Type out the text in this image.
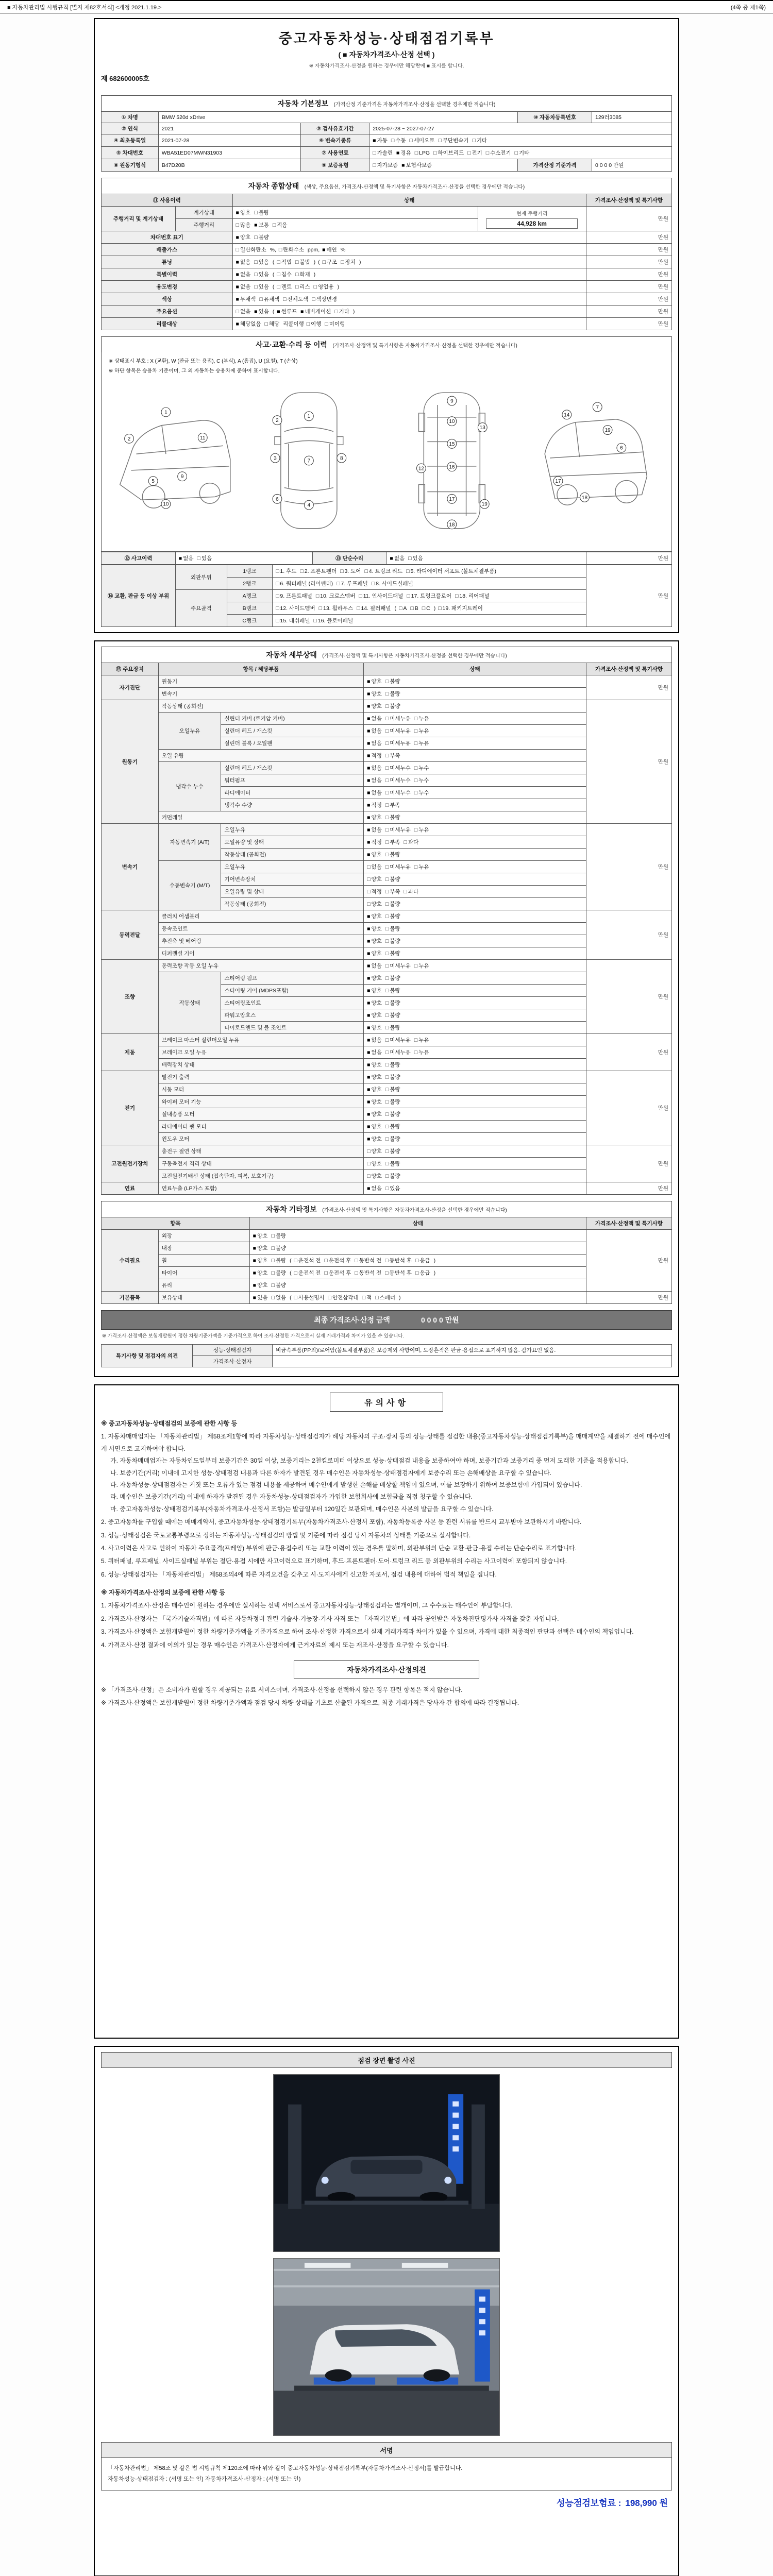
■ 자동차관리법 시행규칙 [별지 제82호서식] <개정 2021.1.19.>	(4쪽 중 제1쪽)
중고자동차성능·상태점검기록부
( ■ 자동차가격조사·산정 선택 )
※ 자동차가격조사·산정을 원하는 경우에만 해당란에 ■ 표시를 합니다.
제 682600005호
자동차 기본정보 (가격산정 기준가격은 자동차가격조사·산정을 선택한 경우에만 적습니다)
① 차명	BMW 520d xDrive			⑩ 자동차등록번호	129러3085
② 연식	2021	③ 검사유효기간	2025-07-28 ~ 2027-07-27		
④ 최초등록일	2021-07-28	⑥ 변속기종류	■ 자동 □ 수동 □ 세미오토 □ 무단변속기 □ 기타		
⑤ 차대번호	WBA51ED07MWN31903	⑦ 사용연료	□ 가솔린 ■ 경유 □ LPG □ 하이브리드 □ 전기 □ 수소전기 □ 기타		
⑧ 원동기형식	B47D20B	⑨ 보증유형	□ 자가보증 ■ 보험사보증	가격산정 기준가격	0 0 0 0 만원
자동차 종합상태 (색상, 주요옵션, 가격조사·산정액 및 특기사항은 자동차가격조사·산정을 선택한 경우에만 적습니다)
⑪ 사용이력		상태		가격조사·산정액 및 특기사항
주행거리 및 계기상태	계기상태	■ 양호 □ 불량	현재 주행거리
44,928 km	만원
	주행거리	□ 많음 ■ 보통 □ 적음		
차대번호 표기		■ 양호 □ 불량		만원
배출가스		□ 일산화탄소 %, □ 탄화수소 ppm, ■ 매연 %		만원
튜닝		■ 없음 □ 있음 ( □ 적법 □ 불법 ) ( □ 구조 □ 장치 )		만원
특별이력		■ 없음 □ 있음 ( □ 침수 □ 화재 )		만원
용도변경		■ 없음 □ 있음 ( □ 렌트 □ 리스 □ 영업용 )		만원
색상		■ 무채색 □ 유채색 □ 전체도색 □ 색상변경		만원
주요옵션		□ 없음 ■ 있음 ( ■ 썬루프 ■ 네비게이션 □ 기타 )		만원
리콜대상		■ 해당없음 □ 해당 리콜이행 □ 이행 □ 미이행		만원
사고·교환·수리 등 이력 (가격조사·산정액 및 특기사항은 자동차가격조사·산정을 선택한 경우에만 적습니다)
※ 상태표시 부호 : X (교환), W (판금 또는 용접), C (부식), A (흠집), U (요철), T (손상)
※ 하단 항목은 승용차 기준이며, 그 외 자동차는 승용차에 준하여 표시합니다.
1
2
5
9
10
11
1
7
4
2
3
6
8
9
10
12
13
15
16
17
18
19
14
7
6
18
17
19
⑫ 사고이력	■ 없음 □ 있음	⑬ 단순수리	■ 없음 □ 있음	만원
⑭ 교환, 판금 등 이상 부위	외판부위	1랭크	□ 1. 후드 □ 2. 프론트펜더 □ 3. 도어 □ 4. 트렁크 리드 □ 5. 라디에이터 서포트 (볼트체결부품)	만원
		2랭크	□ 6. 쿼터패널 (리어펜더) □ 7. 루프패널 □ 8. 사이드실패널	
	주요골격	A랭크	□ 9. 프론트패널 □ 10. 크로스멤버 □ 11. 인사이드패널 □ 17. 트렁크플로어 □ 18. 리어패널	
		B랭크	□ 12. 사이드멤버 □ 13. 휠하우스 □ 14. 필러패널 ( □ A □ B □ C ) □ 19. 패키지트레이	
		C랭크	□ 15. 대쉬패널 □ 16. 플로어패널	
자동차 세부상태 (가격조사·산정액 및 특기사항은 자동차가격조사·산정을 선택한 경우에만 적습니다)
⑮ 주요장치	항목 / 해당부품		상태	가격조사·산정액 및 특기사항
자기진단	원동기		■ 양호 □ 불량	만원
	변속기		■ 양호 □ 불량	
원동기	작동상태 (공회전)		■ 양호 □ 불량	만원
	오일누유	실린더 커버 (로커암 커버)	■ 없음 □ 미세누유 □ 누유	
		실린더 헤드 / 개스킷	■ 없음 □ 미세누유 □ 누유	
		실린더 블록 / 오일팬	■ 없음 □ 미세누유 □ 누유	
	오일 유량		■ 적정 □ 부족	
	냉각수 누수	실린더 헤드 / 개스킷	■ 없음 □ 미세누수 □ 누수	
		워터펌프	■ 없음 □ 미세누수 □ 누수	
		라디에이터	■ 없음 □ 미세누수 □ 누수	
		냉각수 수량	■ 적정 □ 부족	
	커먼레일		■ 양호 □ 불량	
변속기	자동변속기 (A/T)	오일누유	■ 없음 □ 미세누유 □ 누유	만원
		오일유량 및 상태	■ 적정 □ 부족 □ 과다	
		작동상태 (공회전)	■ 양호 □ 불량	
	수동변속기 (M/T)	오일누유	□ 없음 □ 미세누유 □ 누유	
		기어변속장치	□ 양호 □ 불량	
		오일유량 및 상태	□ 적정 □ 부족 □ 과다	
		작동상태 (공회전)	□ 양호 □ 불량	
동력전달	클러치 어셈블리		■ 양호 □ 불량	만원
	등속조인트		■ 양호 □ 불량	
	추진축 및 베어링		■ 양호 □ 불량	
	디퍼렌셜 기어		■ 양호 □ 불량	
조향	동력조향 작동 오일 누유		■ 없음 □ 미세누유 □ 누유	만원
	작동상태	스티어링 펌프	■ 양호 □ 불량	
		스티어링 기어 (MDPS포함)	■ 양호 □ 불량	
		스티어링조인트	■ 양호 □ 불량	
		파워고압호스	■ 양호 □ 불량	
		타이로드엔드 및 볼 조인트	■ 양호 □ 불량	
제동	브레이크 마스터 실린더오일 누유		■ 없음 □ 미세누유 □ 누유	만원
	브레이크 오일 누유		■ 없음 □ 미세누유 □ 누유	
	배력장치 상태		■ 양호 □ 불량	
전기	발전기 출력		■ 양호 □ 불량	만원
	시동 모터		■ 양호 □ 불량	
	와이퍼 모터 기능		■ 양호 □ 불량	
	실내송풍 모터		■ 양호 □ 불량	
	라디에이터 팬 모터		■ 양호 □ 불량	
	윈도우 모터		■ 양호 □ 불량	
고전원전기장치	충전구 절연 상태		□ 양호 □ 불량	만원
	구동축전지 격리 상태		□ 양호 □ 불량	
	고전원전기배선 상태 (접속단자, 피복, 보호기구)		□ 양호 □ 불량	
연료	연료누출 (LP가스 포함)		■ 없음 □ 있음	만원
자동차 기타정보 (가격조사·산정액 및 특기사항은 자동차가격조사·산정을 선택한 경우에만 적습니다)
항목		상태	가격조사·산정액 및 특기사항
수리필요	외장	■ 양호 □ 불량	만원
	내장	■ 양호 □ 불량	
	휠	■ 양호 □ 불량 ( □ 운전석 전 □ 운전석 후 □ 동반석 전 □ 동반석 후 □ 응급 )	
	타이어	■ 양호 □ 불량 ( □ 운전석 전 □ 운전석 후 □ 동반석 전 □ 동반석 후 □ 응급 )	
	유리	■ 양호 □ 불량	
기본품목	보유상태	■ 있음 □ 없음 ( □ 사용설명서 □ 안전삼각대 □ 잭 □ 스패너 )	만원
최종 가격조사·산정 금액	0 0 0 0 만원
※ 가격조사·산정액은 보험개발원이 정한 차량기준가액을 기준가격으로 하여 조사·산정한 가격으로서 실제 거래가격과 차이가 있을 수 있습니다.
특기사항 및 점검자의 의견	성능·상태점검자	비금속부품(PP외)/로어암(볼트체결부품)은 보증제외 사항이며, 도장흔적은 판금·용접으로 표기하지 않음. 감가요인 없음.
	가격조사·산정자	
유의사항
※ 중고자동차성능·상태점검의 보증에 관한 사항 등
1. 자동차매매업자는 「자동차관리법」 제58조제1항에 따라 자동차성능·상태점검자가 해당 자동차의 구조·장치 등의 성능·상태를 점검한 내용(중고자동차성능·상태점검기록부)을 매매계약을 체결하기 전에 매수인에게 서면으로 고지하여야 합니다.
가. 자동차매매업자는 자동차인도일부터 보증기간은 30일 이상, 보증거리는 2천킬로미터 이상으로 성능·상태점검 내용을 보증하여야 하며, 보증기간과 보증거리 중 먼저 도래한 기준을 적용합니다.
나. 보증기간(거리) 이내에 고지한 성능·상태점검 내용과 다른 하자가 발견된 경우 매수인은 자동차성능·상태점검자에게 보증수리 또는 손해배상을 요구할 수 있습니다.
다. 자동차성능·상태점검자는 거짓 또는 오류가 있는 점검 내용을 제공하여 매수인에게 발생한 손해를 배상할 책임이 있으며, 이를 보장하기 위하여 보증보험에 가입되어 있습니다.
라. 매수인은 보증기간(거리) 이내에 하자가 발견된 경우 자동차성능·상태점검자가 가입한 보험회사에 보험금을 직접 청구할 수 있습니다.
마. 중고자동차성능·상태점검기록부(자동차가격조사·산정서 포함)는 발급일부터 120일간 보관되며, 매수인은 사본의 발급을 요구할 수 있습니다.
2. 중고자동차를 구입할 때에는 매매계약서, 중고자동차성능·상태점검기록부(자동차가격조사·산정서 포함), 자동차등록증 사본 등 관련 서류를 반드시 교부받아 보관하시기 바랍니다.
3. 성능·상태점검은 국토교통부령으로 정하는 자동차성능·상태점검의 방법 및 기준에 따라 점검 당시 자동차의 상태를 기준으로 실시합니다.
4. 사고이력은 사고로 인하여 자동차 주요골격(프레임) 부위에 판금·용접수리 또는 교환 이력이 있는 경우를 말하며, 외판부위의 단순 교환·판금·용접 수리는 단순수리로 표기합니다.
5. 쿼터패널, 루프패널, 사이드실패널 부위는 절단·용접 시에만 사고이력으로 표기하며, 후드·프론트펜더·도어·트렁크 리드 등 외판부위의 수리는 사고이력에 포함되지 않습니다.
6. 성능·상태점검자는 「자동차관리법」 제58조의4에 따른 자격요건을 갖추고 시·도지사에게 신고한 자로서, 점검 내용에 대하여 법적 책임을 집니다.
※ 자동차가격조사·산정의 보증에 관한 사항 등
1. 자동차가격조사·산정은 매수인이 원하는 경우에만 실시하는 선택 서비스로서 중고자동차성능·상태점검과는 별개이며, 그 수수료는 매수인이 부담합니다.
2. 가격조사·산정자는 「국가기술자격법」에 따른 자동차정비 관련 기술사·기능장·기사 자격 또는 「자격기본법」에 따라 공인받은 자동차진단평가사 자격을 갖춘 자입니다.
3. 가격조사·산정액은 보험개발원이 정한 차량기준가액을 기준가격으로 하여 조사·산정한 가격으로서 실제 거래가격과 차이가 있을 수 있으며, 가격에 대한 최종적인 판단과 선택은 매수인의 책임입니다.
4. 가격조사·산정 결과에 이의가 있는 경우 매수인은 가격조사·산정자에게 근거자료의 제시 또는 재조사·산정을 요구할 수 있습니다.
자동차가격조사·산정의견
※ 「가격조사·산정」은 소비자가 원할 경우 제공되는 유료 서비스이며, 가격조사·산정을 선택하지 않은 경우 관련 항목은 적지 않습니다.
※ 가격조사·산정액은 보험개발원이 정한 차량기준가액과 점검 당시 차량 상태를 기초로 산출된 가격으로, 최종 거래가격은 당사자 간 합의에 따라 결정됩니다.
점검 장면 촬영 사진
서명
「자동차관리법」 제58조 및 같은 법 시행규칙 제120조에 따라 위와 같이 중고자동차성능·상태점검기록부(자동차가격조사·산정서)를 발급합니다.
자동차성능·상태점검자 : (서명 또는 인) 자동차가격조사·산정자 : (서명 또는 인)
성능점검보험료 : 198,990 원
